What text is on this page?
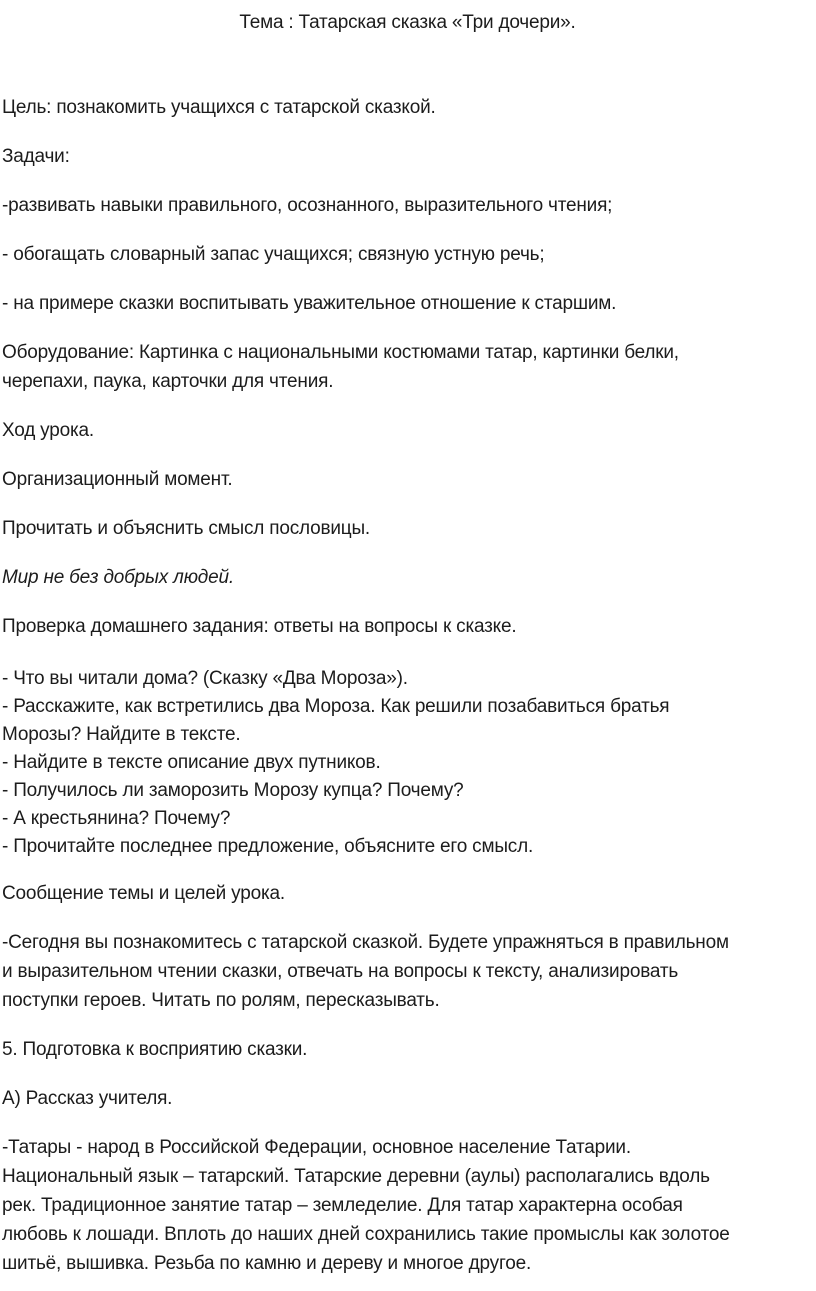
Тема : Татарская сказка «Три дочери».
Цель: познакомить учащихся с татарской сказкой.
Задачи:
-развивать навыки правильного, осознанного, выразительного чтения;
- обогащать словарный запас учащихся; связную устную речь;
- на примере сказки воспитывать уважительное отношение к старшим.
Оборудование: Картинка с национальными костюмами татар, картинки белки,
черепахи, паука, карточки для чтения.
Ход урока.
Организационный момент.
Прочитать и объяснить смысл пословицы.
Мир не без добрых людей.
Проверка домашнего задания: ответы на вопросы к сказке.
- Что вы читали дома? (Сказку «Два Мороза»).
- Расскажите, как встретились два Мороза. Как решили позабавиться братья
Морозы? Найдите в тексте.
- Найдите в тексте описание двух путников.
- Получилось ли заморозить Морозу купца? Почему?
- А крестьянина? Почему?
- Прочитайте последнее предложение, объясните его смысл.
Сообщение темы и целей урока.
-Сегодня вы познакомитесь с татарской сказкой. Будете упражняться в правильном
и выразительном чтении сказки, отвечать на вопросы к тексту, анализировать
поступки героев. Читать по ролям, пересказывать.
5. Подготовка к восприятию сказки.
А) Рассказ учителя.
-Татары - народ в Российской Федерации, основное население Татарии.
Национальный язык – татарский. Татарские деревни (аулы) располагались вдоль
рек. Традиционное занятие татар – земледелие. Для татар характерна особая
любовь к лошади. Вплоть до наших дней сохранились такие промыслы как золотое
шитьё, вышивка. Резьба по камню и дереву и многое другое.
